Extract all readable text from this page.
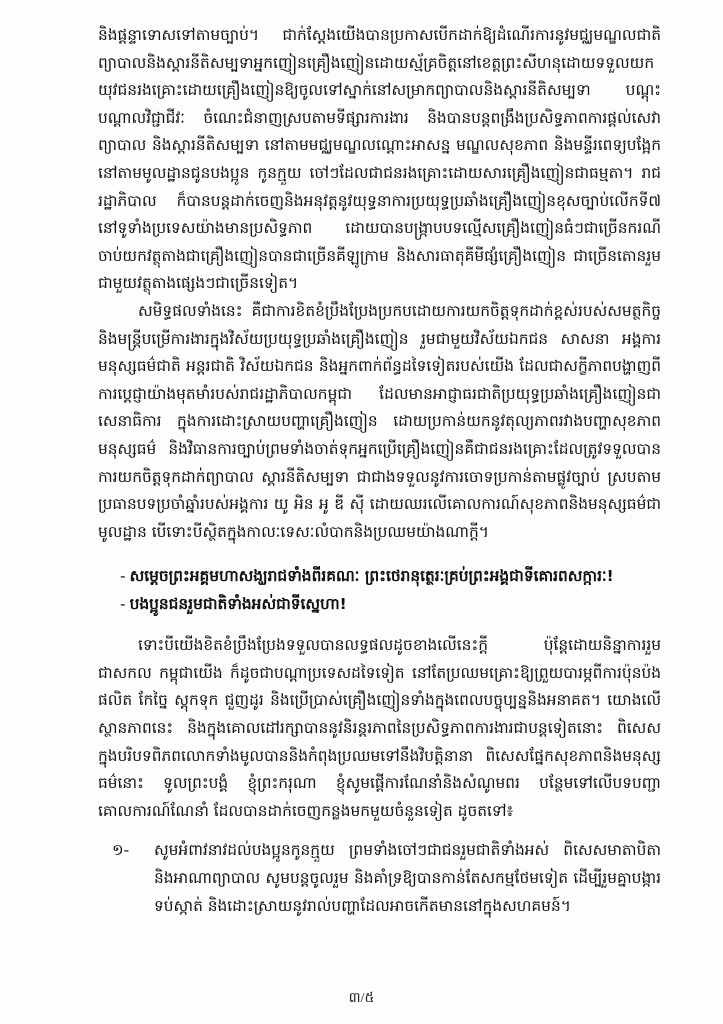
និងផ្តន្ទាទោសទៅតាមច្បាប់។ ជាក់ស្តែងយើងបានប្រកាសបើកដាក់ឱ្យដំណើរការនូវមជ្ឈមណ្ឌលជាតិព្យាបាលនិងស្តារនីតិសម្បទាអ្នកញៀនគ្រឿងញៀនដោយស្ម័គ្រចិត្តនៅខេត្តព្រះសីហនុដោយទទួលយកយុវជនរងគ្រោះដោយគ្រឿងញៀនឱ្យចូលទៅស្នាក់នៅសម្រាកព្យាបាលនិងស្តារនីតិសម្បទា បណ្តុះបណ្តាលវិជ្ជាជីវៈ ចំណេះជំនាញស្របតាមទីផ្សារការងារ និងបានបន្តពង្រឹងប្រសិទ្ធភាពការផ្តល់សេវាព្យាបាល និងស្តារនីតិសម្បទា នៅតាមមជ្ឈមណ្ឌលណ្តោះអាសន្ន មណ្ឌលសុខភាព និងមន្ទីរពេទ្យបង្អែកនៅតាមមូលដ្ឋានជូនបងប្អូន កូនក្មួយ ចៅៗដែលជាជនរងគ្រោះដោយសារគ្រឿងញៀនជាធម្មតា។ រាជរដ្ឋាភិបាល ក៏បានបន្តដាក់ចេញនិងអនុវត្តនូវយុទ្ធនាការប្រយុទ្ធប្រឆាំងគ្រឿងញៀនខុសច្បាប់លើកទី៧ នៅទូទាំងប្រទេសយ៉ាងមានប្រសិទ្ធភាព ដោយបានបង្ក្រាបបទល្មើសគ្រឿងញៀនធំៗជាច្រើនករណីចាប់យកវត្ថុតាងជាគ្រឿងញៀនបានជាច្រើនគីឡូក្រាម និងសារធាតុគីមីផ្សំគ្រឿងញៀន ជាច្រើនតោនរួមជាមួយវត្ថុតាងផ្សេងៗជាច្រើនទៀត។

សមិទ្ធផលទាំងនេះ គឺជាការខិតខំប្រឹងប្រែងប្រកបដោយការយកចិត្តទុកដាក់ខ្ពស់របស់សមត្ថកិច្ចនិងមន្ត្រីបម្រើការងារក្នុងវិស័យប្រយុទ្ធប្រឆាំងគ្រឿងញៀន រួមជាមួយវិស័យឯកជន សាសនា អង្គការមនុស្សធម៌ជាតិ អន្តរជាតិ វិស័យឯកជន និងអ្នកពាក់ព័ន្ធដទៃទៀតរបស់យើង ដែលជាសក្ខីភាពបង្ហាញពីការប្តេជ្ញាយ៉ាងមុតមាំរបស់រាជរដ្ឋាភិបាលកម្ពុជា ដែលមានអាជ្ញាធរជាតិប្រយុទ្ធប្រឆាំងគ្រឿងញៀនជាសេនាធិការ ក្នុងការដោះស្រាយបញ្ហាគ្រឿងញៀន ដោយប្រកាន់យកនូវតុល្យភាពរវាងបញ្ហាសុខភាព មនុស្សធម៌ និងវិធានការច្បាប់ព្រមទាំងចាត់ទុកអ្នកប្រើគ្រឿងញៀនគឺជាជនរងគ្រោះដែលត្រូវទទួលបានការយកចិត្តទុកដាក់ព្យាបាល ស្តារនីតិសម្បទា ជាជាងទទួលនូវការចោទប្រកាន់តាមផ្លូវច្បាប់ ស្របតាមប្រធានបទប្រចាំឆ្នាំរបស់អង្គការ យូ អិន អូ ឌី ស៊ី ដោយឈរលើគោលការណ៍សុខភាពនិងមនុស្សធម៌ជាមូលដ្ឋាន បើទោះបីស្ថិតក្នុងកាលៈទេសៈលំបាកនិងប្រឈមយ៉ាងណាក្តី។

- សម្តេចព្រះអគ្គមហាសង្ឃរាជទាំងពីរគណៈ ព្រះថេរានុត្ថេរៈគ្រប់ព្រះអង្គជាទីគោរពសក្ការៈ!
- បងប្អូនជនរួមជាតិទាំងអស់ជាទីស្នេហា!

ទោះបីយើងខិតខំប្រឹងប្រែងទទួលបានលទ្ធផលដូចខាងលើនេះក្តី ប៉ុន្តែដោយនិន្នាការរួមជាសកល កម្ពុជាយើង ក៏ដូចជាបណ្តាប្រទេសដទៃទៀត នៅតែប្រឈមគ្រោះឱ្យព្រួយបារម្ភពីការប៉ុនប៉ងផលិត កែច្នៃ ស្តុកទុក ជួញដូរ និងប្រើប្រាស់គ្រឿងញៀនទាំងក្នុងពេលបច្ចុប្បន្ននិងអនាគត។ យោងលើស្ថានភាពនេះ និងក្នុងគោលដៅរក្សាបាននូវនិរន្តរភាពនៃប្រសិទ្ធភាពការងារជាបន្តទៀតនោះ ពិសេសក្នុងបរិបទពិភពលោកទាំងមូលបាននិងកំពុងប្រឈមទៅនឹងវិបត្តិនានា ពិសេសផ្នែកសុខភាពនិងមនុស្សធម៌នោះ ទូលព្រះបង្គំ ខ្ញុំព្រះករុណា ខ្ញុំសូមផ្តើការណែនាំនិងសំណូមពរ បន្ថែមទៅលើបទបញ្ជា គោលការណ៍ណែនាំ ដែលបានដាក់ចេញកន្លងមកមួយចំនួនទៀត ដូចតទៅ៖

១-	សូមអំពាវនាវដល់បងប្អូនកូនក្មួយ ព្រមទាំងចៅៗជាជនរួមជាតិទាំងអស់ ពិសេសមាតាបិតានិងអាណាព្យាបាល សូមបន្តចូលរួម និងគាំទ្រឱ្យបានកាន់តែសកម្មថែមទៀត ដើម្បីរួមគ្នាបង្ការ ទប់ស្កាត់ និងដោះស្រាយនូវរាល់បញ្ហាដែលអាចកើតមាននៅក្នុងសហគមន៍។
៣/៥
